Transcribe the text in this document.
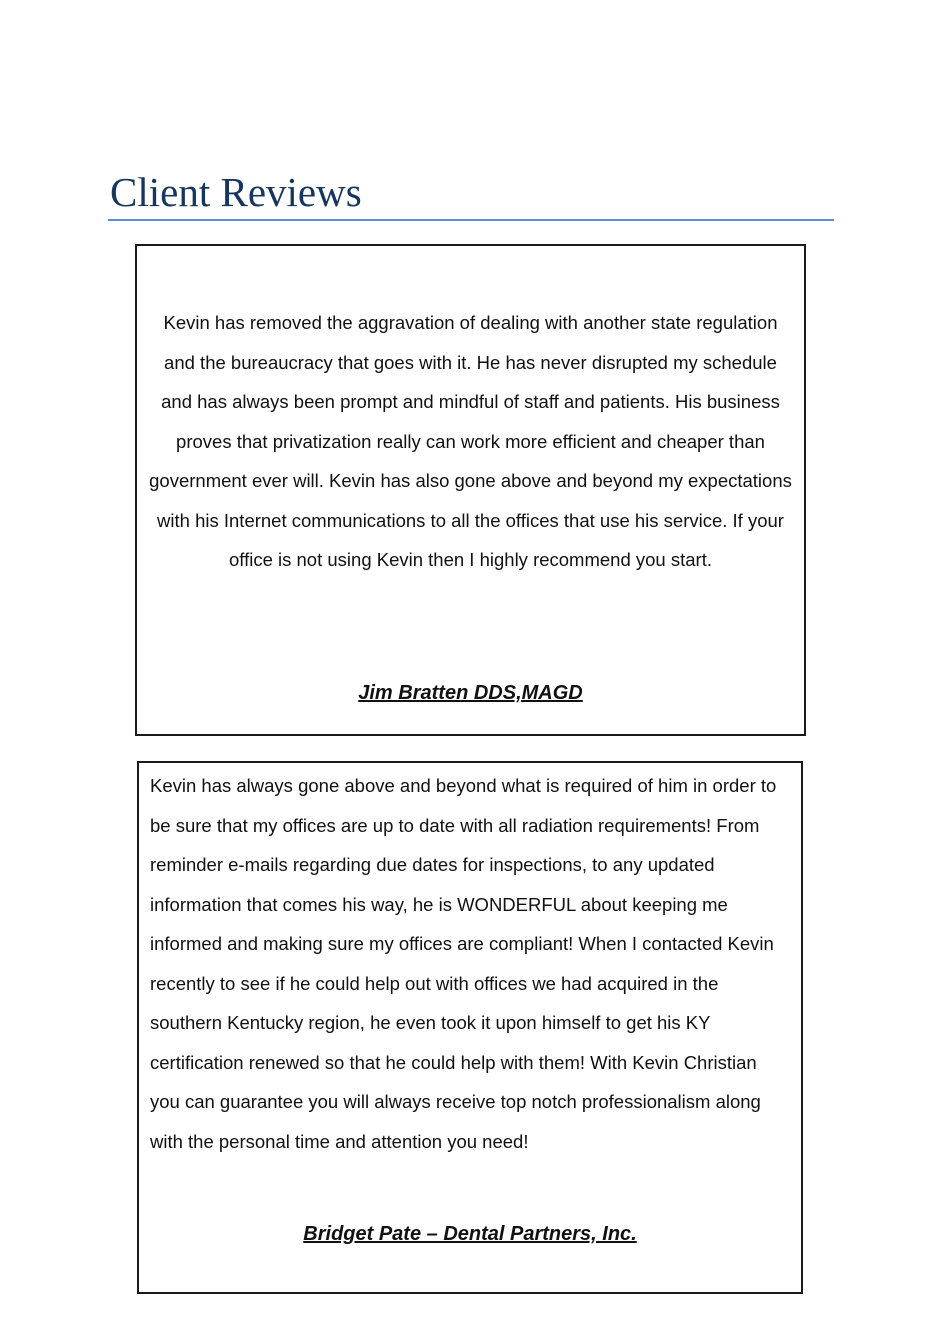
Client Reviews

Kevin has removed the aggravation of dealing with another state regulation and the bureaucracy that goes with it. He has never disrupted my schedule and has always been prompt and mindful of staff and patients. His business proves that privatization really can work more efficient and cheaper than government ever will. Kevin has also gone above and beyond my expectations with his Internet communications to all the offices that use his service. If your office is not using Kevin then I highly recommend you start.

Jim Bratten DDS,MAGD

Kevin has always gone above and beyond what is required of him in order to be sure that my offices are up to date with all radiation requirements! From reminder e-mails regarding due dates for inspections, to any updated information that comes his way, he is WONDERFUL about keeping me informed and making sure my offices are compliant! When I contacted Kevin recently to see if he could help out with offices we had acquired in the southern Kentucky region, he even took it upon himself to get his KY certification renewed so that he could help with them! With Kevin Christian you can guarantee you will always receive top notch professionalism along with the personal time and attention you need!

Bridget Pate – Dental Partners, Inc.
